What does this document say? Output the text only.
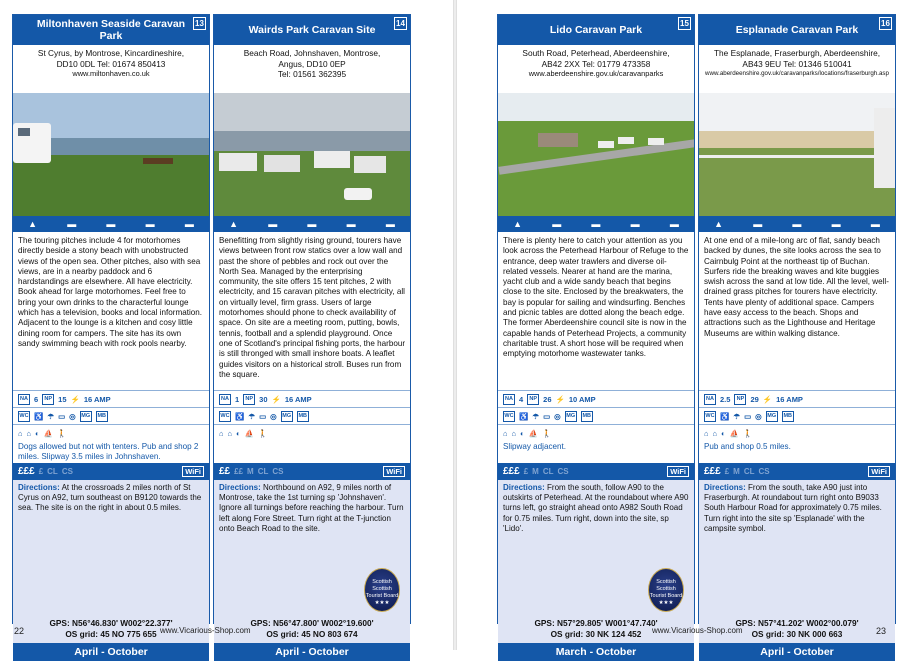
Miltonhaven Seaside Caravan Park
13
St Cyrus, by Montrose, Kincardineshire,
DD10 0DL Tel: 01674 850413
www.miltonhaven.co.uk
▲	▬	▬	▬	▬
The touring pitches include 4 for motorhomes directly beside a stony beach with unobstructed views of the open sea. Other pitches, also with sea views, are in a nearby paddock and 6 hardstandings are elsewhere. All have electricity. Book ahead for large motorhomes. Feel free to bring your own drinks to the characterful lounge which has a television, books and local information. Adjacent to the lounge is a kitchen and cosy little dining room for campers. The site has its own sandy swimming beach with rock pools nearby.
NA 6	NP 15 ⚡ 16 AMP
WC ♿ ☂ ▭ ◎ MG	MB
⌂ ⌂ ◐ ⛵ 🚶
Dogs allowed but not with tenters. Pub and shop 2 miles. Slipway 3.5 miles in Johnshaven.
£££ £ CL CS	WiFi
Directions: At the crossroads 2 miles north of St Cyrus on A92, turn southeast on B9120 towards the sea. The site is on the right in about 0.5 miles.
GPS: N56°46.830' W002°22.377'
OS grid: 45 NO 775 655
April - October
Wairds Park Caravan Site
14
Beach Road, Johnshaven, Montrose,
Angus, DD10 0EP
Tel: 01561 362395
▲	▬	▬	▬	▬
Benefitting from slightly rising ground, tourers have views between front row statics over a low wall and past the shore of pebbles and rock out over the North Sea. Managed by the enterprising community, the site offers 15 tent pitches, 2 with electricity, and 15 caravan pitches with electricity, all on virtually level, firm grass. Users of large motorhomes should phone to check availability of space. On site are a meeting room, putting, bowls, tennis, football and a splendid playground. Once one of Scotland's principal fishing ports, the harbour is still thronged with small inshore boats. A leaflet guides visitors on a historical stroll. Buses run from the square.
NA 1	NP 30 ⚡ 16 AMP
WC ♿ ☂ ▭ ◎ MG	MB
⌂ ⌂ ◐ ⛵ 🚶
££ ££ M CL CS	WiFi
Directions: Northbound on A92, 9 miles north of Montrose, take the 1st turning sp 'Johnshaven'. Ignore all turnings before reaching the harbour. Turn left along Fore Street. Turn right at the T-junction onto Beach Road to the site.
Scottish
Scottish Tourist Board
★★★
GPS: N56°47.800' W002°19.600'
OS grid: 45 NO 803 674
April - October
Lido Caravan Park
15
South Road, Peterhead, Aberdeenshire,
AB42 2XX Tel: 01779 473358
www.aberdeenshire.gov.uk/caravanparks
▲	▬	▬	▬	▬
There is plenty here to catch your attention as you look across the Peterhead Harbour of Refuge to the entrance, deep water trawlers and diverse oil-related vessels. Nearer at hand are the marina, yacht club and a wide sandy beach that begins close to the site. Enclosed by the breakwaters, the bay is popular for sailing and windsurfing. Benches and picnic tables are dotted along the beach edge. The former Aberdeenshire council site is now in the capable hands of Peterhead Projects, a community charitable trust. A short hose will be required when emptying motorhome wastewater tanks.
NA 4	NP 26 ⚡ 10 AMP
WC ♿ ☂ ▭ ◎ MG	MB
⌂ ⌂ ◐ ⛵ 🚶
Slipway adjacent.
£££ £ M CL CS	WiFi
Directions: From the south, follow A90 to the outskirts of Peterhead. At the roundabout where A90 turns left, go straight ahead onto A982 South Road for 0.75 miles. Turn right, down into the site, sp 'Lido'.
Scottish
Scottish Tourist Board
★★★
GPS: N57°29.805' W001°47.740'
OS grid: 30 NK 124 452
March - October
Esplanade Caravan Park
16
The Esplanade, Fraserburgh, Aberdeenshire,
AB43 9EU Tel: 01346 510041
www.aberdeenshire.gov.uk/caravanparks/locations/fraserburgh.asp
▲	▬	▬	▬	▬
At one end of a mile-long arc of flat, sandy beach backed by dunes, the site looks across the sea to Cairnbulg Point at the northeast tip of Buchan. Surfers ride the breaking waves and kite buggies swish across the sand at low tide. All the level, well-drained grass pitches for tourers have electricity. Tents have plenty of additional space. Campers have easy access to the beach. Shops and attractions such as the Lighthouse and Heritage Museums are within walking distance.
NA 2.5	NP 29 ⚡ 16 AMP
WC ♿ ☂ ▭ ◎ MG	MB
⌂ ⌂ ◐ ⛵ 🚶
Pub and shop 0.5 miles.
£££ £ M CL CS	WiFi
Directions: From the south, take A90 just into Fraserburgh. At roundabout turn right onto B9033 South Harbour Road for approximately 0.75 miles. Turn right into the site sp 'Esplanade' with the campsite symbol.
GPS: N57°41.202' W002°00.079'
OS grid: 30 NK 000 663
April - October
22	www.Vicarious-Shop.com	www.Vicarious-Shop.com	23
